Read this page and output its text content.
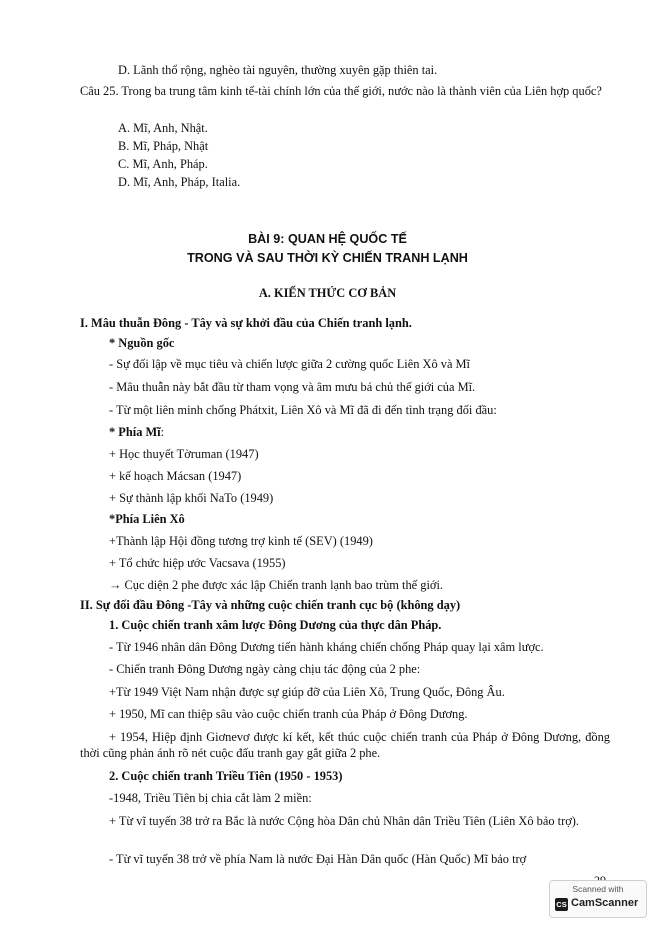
D. Lãnh thổ rộng, nghèo tài nguyên, thường xuyên gặp thiên tai.
Câu 25. Trong ba trung tâm kinh tế-tài chính lớn của thế giới, nước nào là thành viên của Liên hợp quốc?
A. Mĩ, Anh, Nhật.
B. Mĩ, Pháp, Nhật
C. Mĩ, Anh, Pháp.
D. Mĩ, Anh, Pháp, Italia.
BÀI 9: QUAN HỆ QUỐC TẾ
TRONG VÀ SAU THỜI KỲ CHIẾN TRANH LẠNH
A. KIẾN THỨC CƠ BẢN
I. Mâu thuẫn Đông - Tây và sự khởi đầu của Chiến tranh lạnh.
* Nguồn gốc
- Sự đối lập về mục tiêu và chiến lược giữa 2 cường quốc Liên Xô và Mĩ
- Mâu thuẫn này bắt đầu từ tham vọng và âm mưu bá chủ thế giới của Mĩ.
- Từ một liên minh chống Phátxit, Liên Xô và Mĩ đã đi đến tình trạng đối đầu:
* Phía Mĩ:
+ Học thuyết Tờruman (1947)
+ kế hoạch Mácsan (1947)
+ Sự thành lập khối NaTo (1949)
*Phía Liên Xô
+Thành lập Hội đồng tương trợ kinh tế (SEV) (1949)
+ Tổ chức hiệp ước Vacsava (1955)
→ Cục diện 2 phe được xác lập Chiến tranh lạnh bao trùm thế giới.
II. Sự đối đầu Đông -Tây và những cuộc chiến tranh cục bộ (không dạy)
1. Cuộc chiến tranh xâm lược Đông Dương của thực dân Pháp.
- Từ 1946 nhân dân Đông Dương tiến hành kháng chiến chống Pháp quay lại xâm lược.
- Chiến tranh Đông Dương ngày càng chịu tác động của 2 phe:
+Từ 1949 Việt Nam nhận được sự giúp đỡ của Liên Xô, Trung Quốc, Đông Âu.
+ 1950, Mĩ can thiệp sâu vào cuộc chiến tranh của Pháp ở Đông Dương.
+ 1954, Hiệp định Giơnevơ được kí kết, kết thúc cuộc chiến tranh của Pháp ở Đông Dương, đồng thời cũng phản ánh rõ nét cuộc đấu tranh gay gắt giữa 2 phe.
2. Cuộc chiến tranh Triều Tiên (1950 - 1953)
-1948, Triều Tiên bị chia cắt làm 2 miền:
+ Từ vĩ tuyến 38 trở ra Bắc là nước Cộng hòa Dân chủ Nhân dân Triều Tiên (Liên Xô bảo trợ).
- Từ vĩ tuyến 38 trở về phía Nam là nước Đại Hàn Dân quốc (Hàn Quốc) Mĩ bảo trợ
Scanned with
CS CamScanner
